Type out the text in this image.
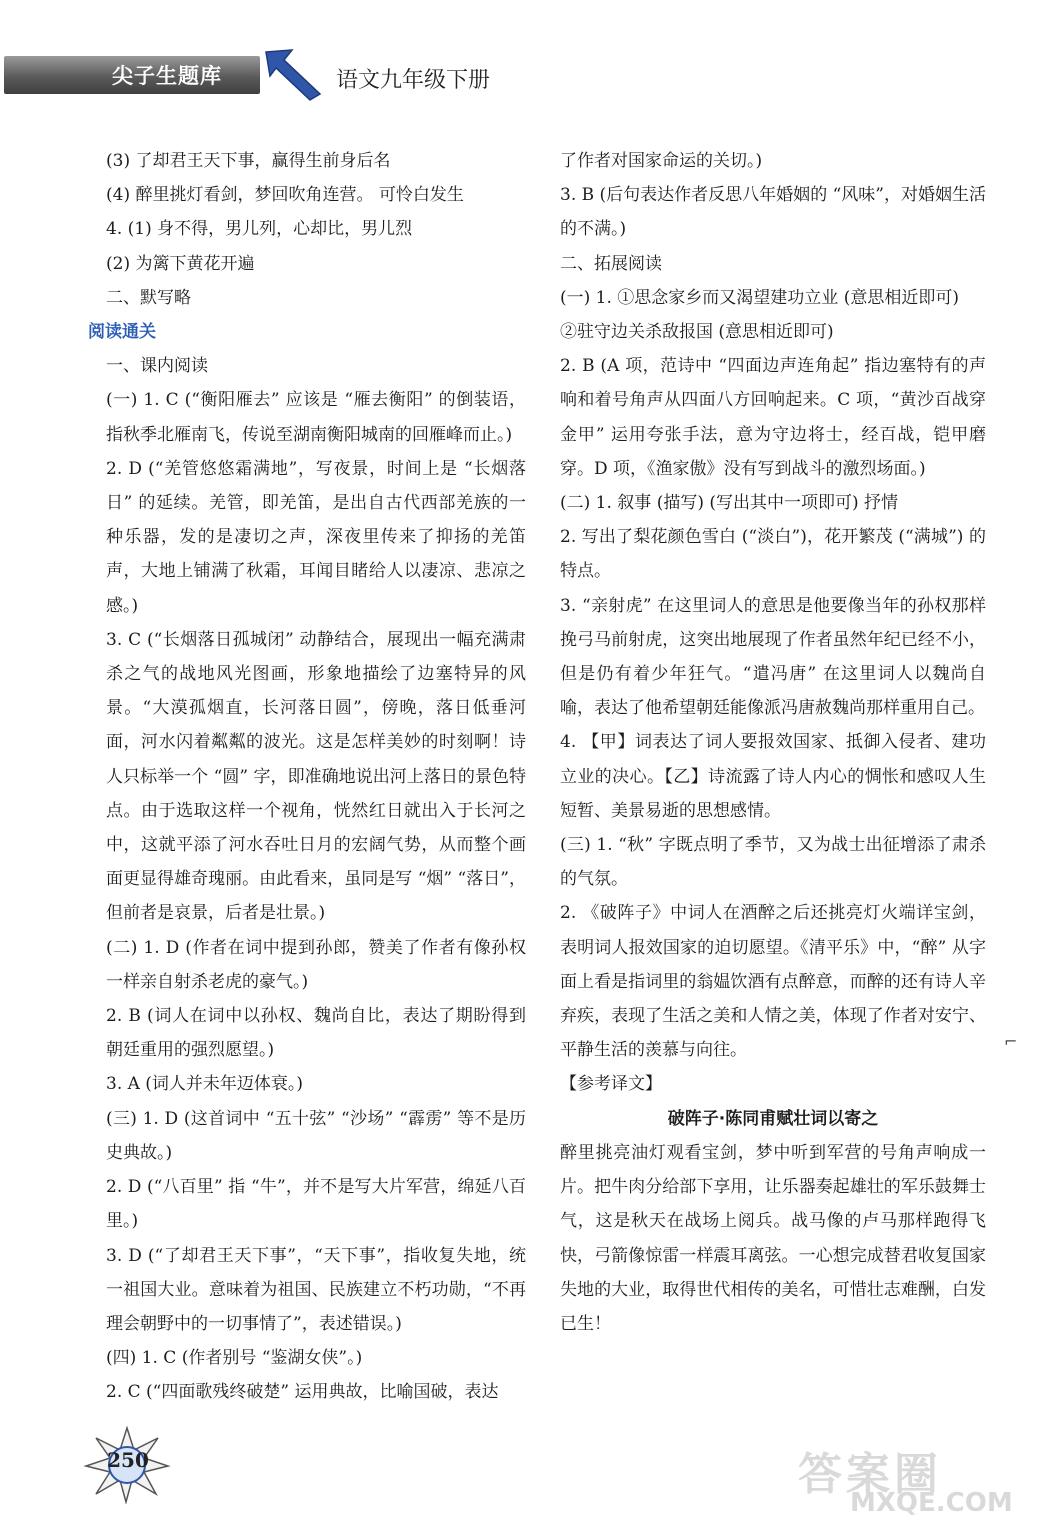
尖子生题库	语文九年级下册

(3) 了却君王天下事，赢得生前身后名

(4) 醉里挑灯看剑，梦回吹角连营。 可怜白发生

4. (1) 身不得，男儿列，心却比，男儿烈

(2) 为篱下黄花开遍

二、默写略

阅读通关

一、课内阅读

(一) 1. C (“衡阳雁去” 应该是 “雁去衡阳” 的倒装语，指秋季北雁南飞，传说至湖南衡阳城南的回雁峰而止。)

2. D (“羌管悠悠霜满地”，写夜景，时间上是 “长烟落日” 的延续。羌管，即羌笛，是出自古代西部羌族的一种乐器，发的是凄切之声，深夜里传来了抑扬的羌笛声，大地上铺满了秋霜，耳闻目睹给人以凄凉、悲凉之感。)

3. C (“长烟落日孤城闭” 动静结合，展现出一幅充满肃杀之气的战地风光图画，形象地描绘了边塞特异的风景。“大漠孤烟直，长河落日圆”，傍晚，落日低垂河面，河水闪着粼粼的波光。这是怎样美妙的时刻啊！诗人只标举一个 “圆” 字，即准确地说出河上落日的景色特点。由于选取这样一个视角，恍然红日就出入于长河之中，这就平添了河水吞吐日月的宏阔气势，从而整个画面更显得雄奇瑰丽。由此看来，虽同是写 “烟” “落日”，但前者是哀景，后者是壮景。)

(二) 1. D (作者在词中提到孙郎，赞美了作者有像孙权一样亲自射杀老虎的豪气。)

2. B (词人在词中以孙权、魏尚自比，表达了期盼得到朝廷重用的强烈愿望。)

3. A (词人并未年迈体衰。)

(三) 1. D (这首词中 “五十弦” “沙场” “霹雳” 等不是历史典故。)

2. D (“八百里” 指 “牛”，并不是写大片军营，绵延八百里。)

3. D (“了却君王天下事”，“天下事”，指收复失地，统一祖国大业。意味着为祖国、民族建立不朽功勋，“不再理会朝野中的一切事情了”，表述错误。)

(四) 1. C (作者别号 “鉴湖女侠”。)

2. C (“四面歌残终破楚” 运用典故，比喻国破，表达

了作者对国家命运的关切。)

3. B (后句表达作者反思八年婚姻的 “风味”，对婚姻生活的不满。)

二、拓展阅读

(一) 1. ①思念家乡而又渴望建功立业 (意思相近即可)

②驻守边关杀敌报国 (意思相近即可)

2. B (A 项，范诗中 “四面边声连角起” 指边塞特有的声响和着号角声从四面八方回响起来。C 项，“黄沙百战穿金甲” 运用夸张手法，意为守边将士，经百战，铠甲磨穿。D 项，《渔家傲》没有写到战斗的激烈场面。)

(二) 1. 叙事 (描写) (写出其中一项即可) 抒情

2. 写出了梨花颜色雪白 (“淡白”)，花开繁茂 (“满城”) 的特点。

3. “亲射虎” 在这里词人的意思是他要像当年的孙权那样挽弓马前射虎，这突出地展现了作者虽然年纪已经不小，但是仍有着少年狂气。“遣冯唐” 在这里词人以魏尚自喻，表达了他希望朝廷能像派冯唐赦魏尚那样重用自己。

4. 【甲】词表达了词人要报效国家、抵御入侵者、建功立业的决心。【乙】诗流露了诗人内心的惆怅和感叹人生短暂、美景易逝的思想感情。

(三) 1. “秋” 字既点明了季节，又为战士出征增添了肃杀的气氛。

2. 《破阵子》中词人在酒醉之后还挑亮灯火端详宝剑，表明词人报效国家的迫切愿望。《清平乐》中，“醉” 从字面上看是指词里的翁媪饮酒有点醉意，而醉的还有诗人辛弃疾，表现了生活之美和人情之美，体现了作者对安宁、平静生活的羡慕与向往。

【参考译文】

破阵子·陈同甫赋壮词以寄之

醉里挑亮油灯观看宝剑，梦中听到军营的号角声响成一片。把牛肉分给部下享用，让乐器奏起雄壮的军乐鼓舞士气，这是秋天在战场上阅兵。战马像的卢马那样跑得飞快，弓箭像惊雷一样震耳离弦。一心想完成替君收复国家失地的大业，取得世代相传的美名，可惜壮志难酬，白发已生！

⌐
250	答案圈
MXQE.COM
